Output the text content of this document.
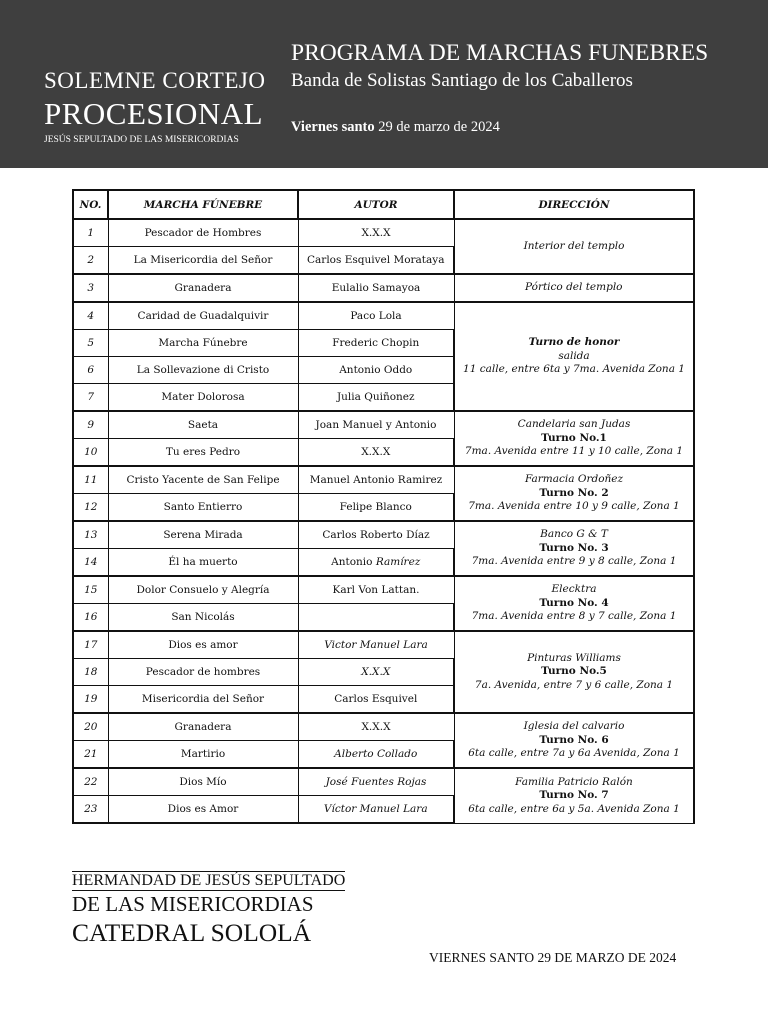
SOLEMNE CORTEJO
PROCESIONAL
JESÚS SEPULTADO DE LAS MISERICORDIAS
PROGRAMA DE MARCHAS FUNEBRES
Banda de Solistas Santiago de los Caballeros
Viernes santo 29 de marzo de 2024
NO.	MARCHA FÚNEBRE	AUTOR	DIRECCIÓN
1	Pescador de Hombres	X.X.X	Interior del templo

2	La Misericordia del Señor	Carlos Esquivel Morataya	
3	Granadera	Eulalio Samayoa	Pórtico del templo

4	Caridad de Guadalquivir	Paco Lola	Turno de honor
salida
11 calle, entre 6ta y 7ma. Avenida Zona 1

5	Marcha Fúnebre	Frederic Chopin	
6	La Sollevazione di Cristo	Antonio Oddo	
7	Mater Dolorosa	Julia Quiñonez	
9	Saeta	Joan Manuel y Antonio	Candelaria san Judas
Turno No.1
7ma. Avenida entre 11 y 10 calle, Zona 1

10	Tu eres Pedro	X.X.X	
11	Cristo Yacente de San Felipe	Manuel Antonio Ramirez	Farmacia Ordoñez
Turno No. 2
7ma. Avenida entre 10 y 9 calle, Zona 1

12	Santo Entierro	Felipe Blanco	
13	Serena Mirada	Carlos Roberto Díaz	Banco G & T
Turno No. 3
7ma. Avenida entre 9 y 8 calle, Zona 1

14	Él ha muerto	Antonio Ramírez	
15	Dolor Consuelo y Alegría	Karl Von Lattan.	Elecktra
Turno No. 4
7ma. Avenida entre 8 y 7 calle, Zona 1

16	San Nicolás		
17	Dios es amor	Victor Manuel Lara	Pinturas Williams
Turno No.5
7a. Avenida, entre 7 y 6 calle, Zona 1

18	Pescador de hombres	X.X.X	
19	Misericordia del Señor	Carlos Esquivel	
20	Granadera	X.X.X	Iglesia del calvario
Turno No. 6
6ta calle, entre 7a y 6a Avenida, Zona 1

21	Martirio	Alberto Collado	
22	Dios Mío	José Fuentes Rojas	Familia Patricio Ralón
Turno No. 7
6ta calle, entre 6a y 5a. Avenida Zona 1

23	Dios es Amor	Víctor Manuel Lara	
HERMANDAD DE JESÚS SEPULTADO
DE LAS MISERICORDIAS
CATEDRAL SOLOLÁ
VIERNES SANTO 29 DE MARZO DE 2024
